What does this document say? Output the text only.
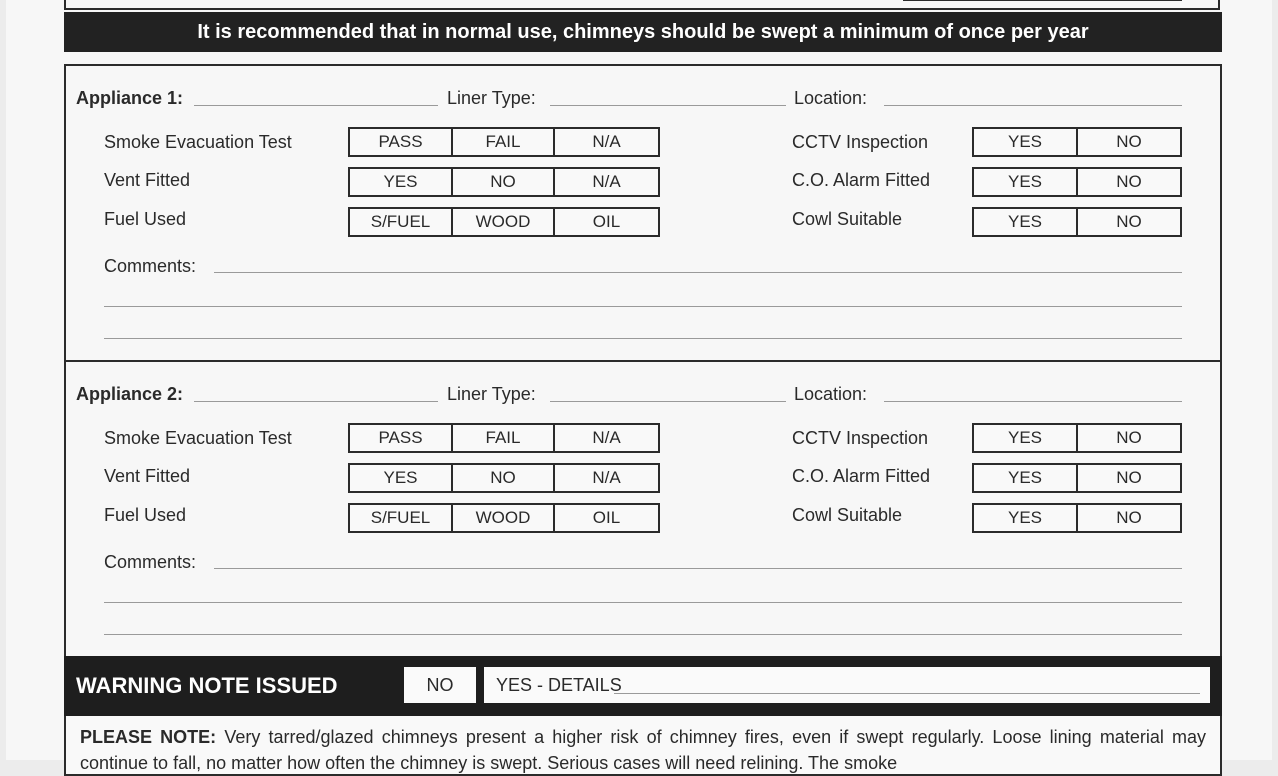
It is recommended that in normal use, chimneys should be swept a minimum of once per year
Appliance 1:	Liner Type:	Location:
Smoke Evacuation Test	PASS	FAIL	N/A
Vent Fitted	YES	NO	N/A
Fuel Used	S/FUEL	WOOD	OIL
CCTV Inspection	YES	NO
C.O. Alarm Fitted	YES	NO
Cowl Suitable	YES	NO
Comments:
Appliance 2:	Liner Type:	Location:
Smoke Evacuation Test	PASS	FAIL	N/A
Vent Fitted	YES	NO	N/A
Fuel Used	S/FUEL	WOOD	OIL
CCTV Inspection	YES	NO
C.O. Alarm Fitted	YES	NO
Cowl Suitable	YES	NO
Comments:
WARNING NOTE ISSUED	NO	YES - DETAILS
PLEASE NOTE: Very tarred/glazed chimneys present a higher risk of chimney fires, even if swept regularly. Loose lining material may continue to fall, no matter how often the chimney is swept. Serious cases will need relining. The smoke
